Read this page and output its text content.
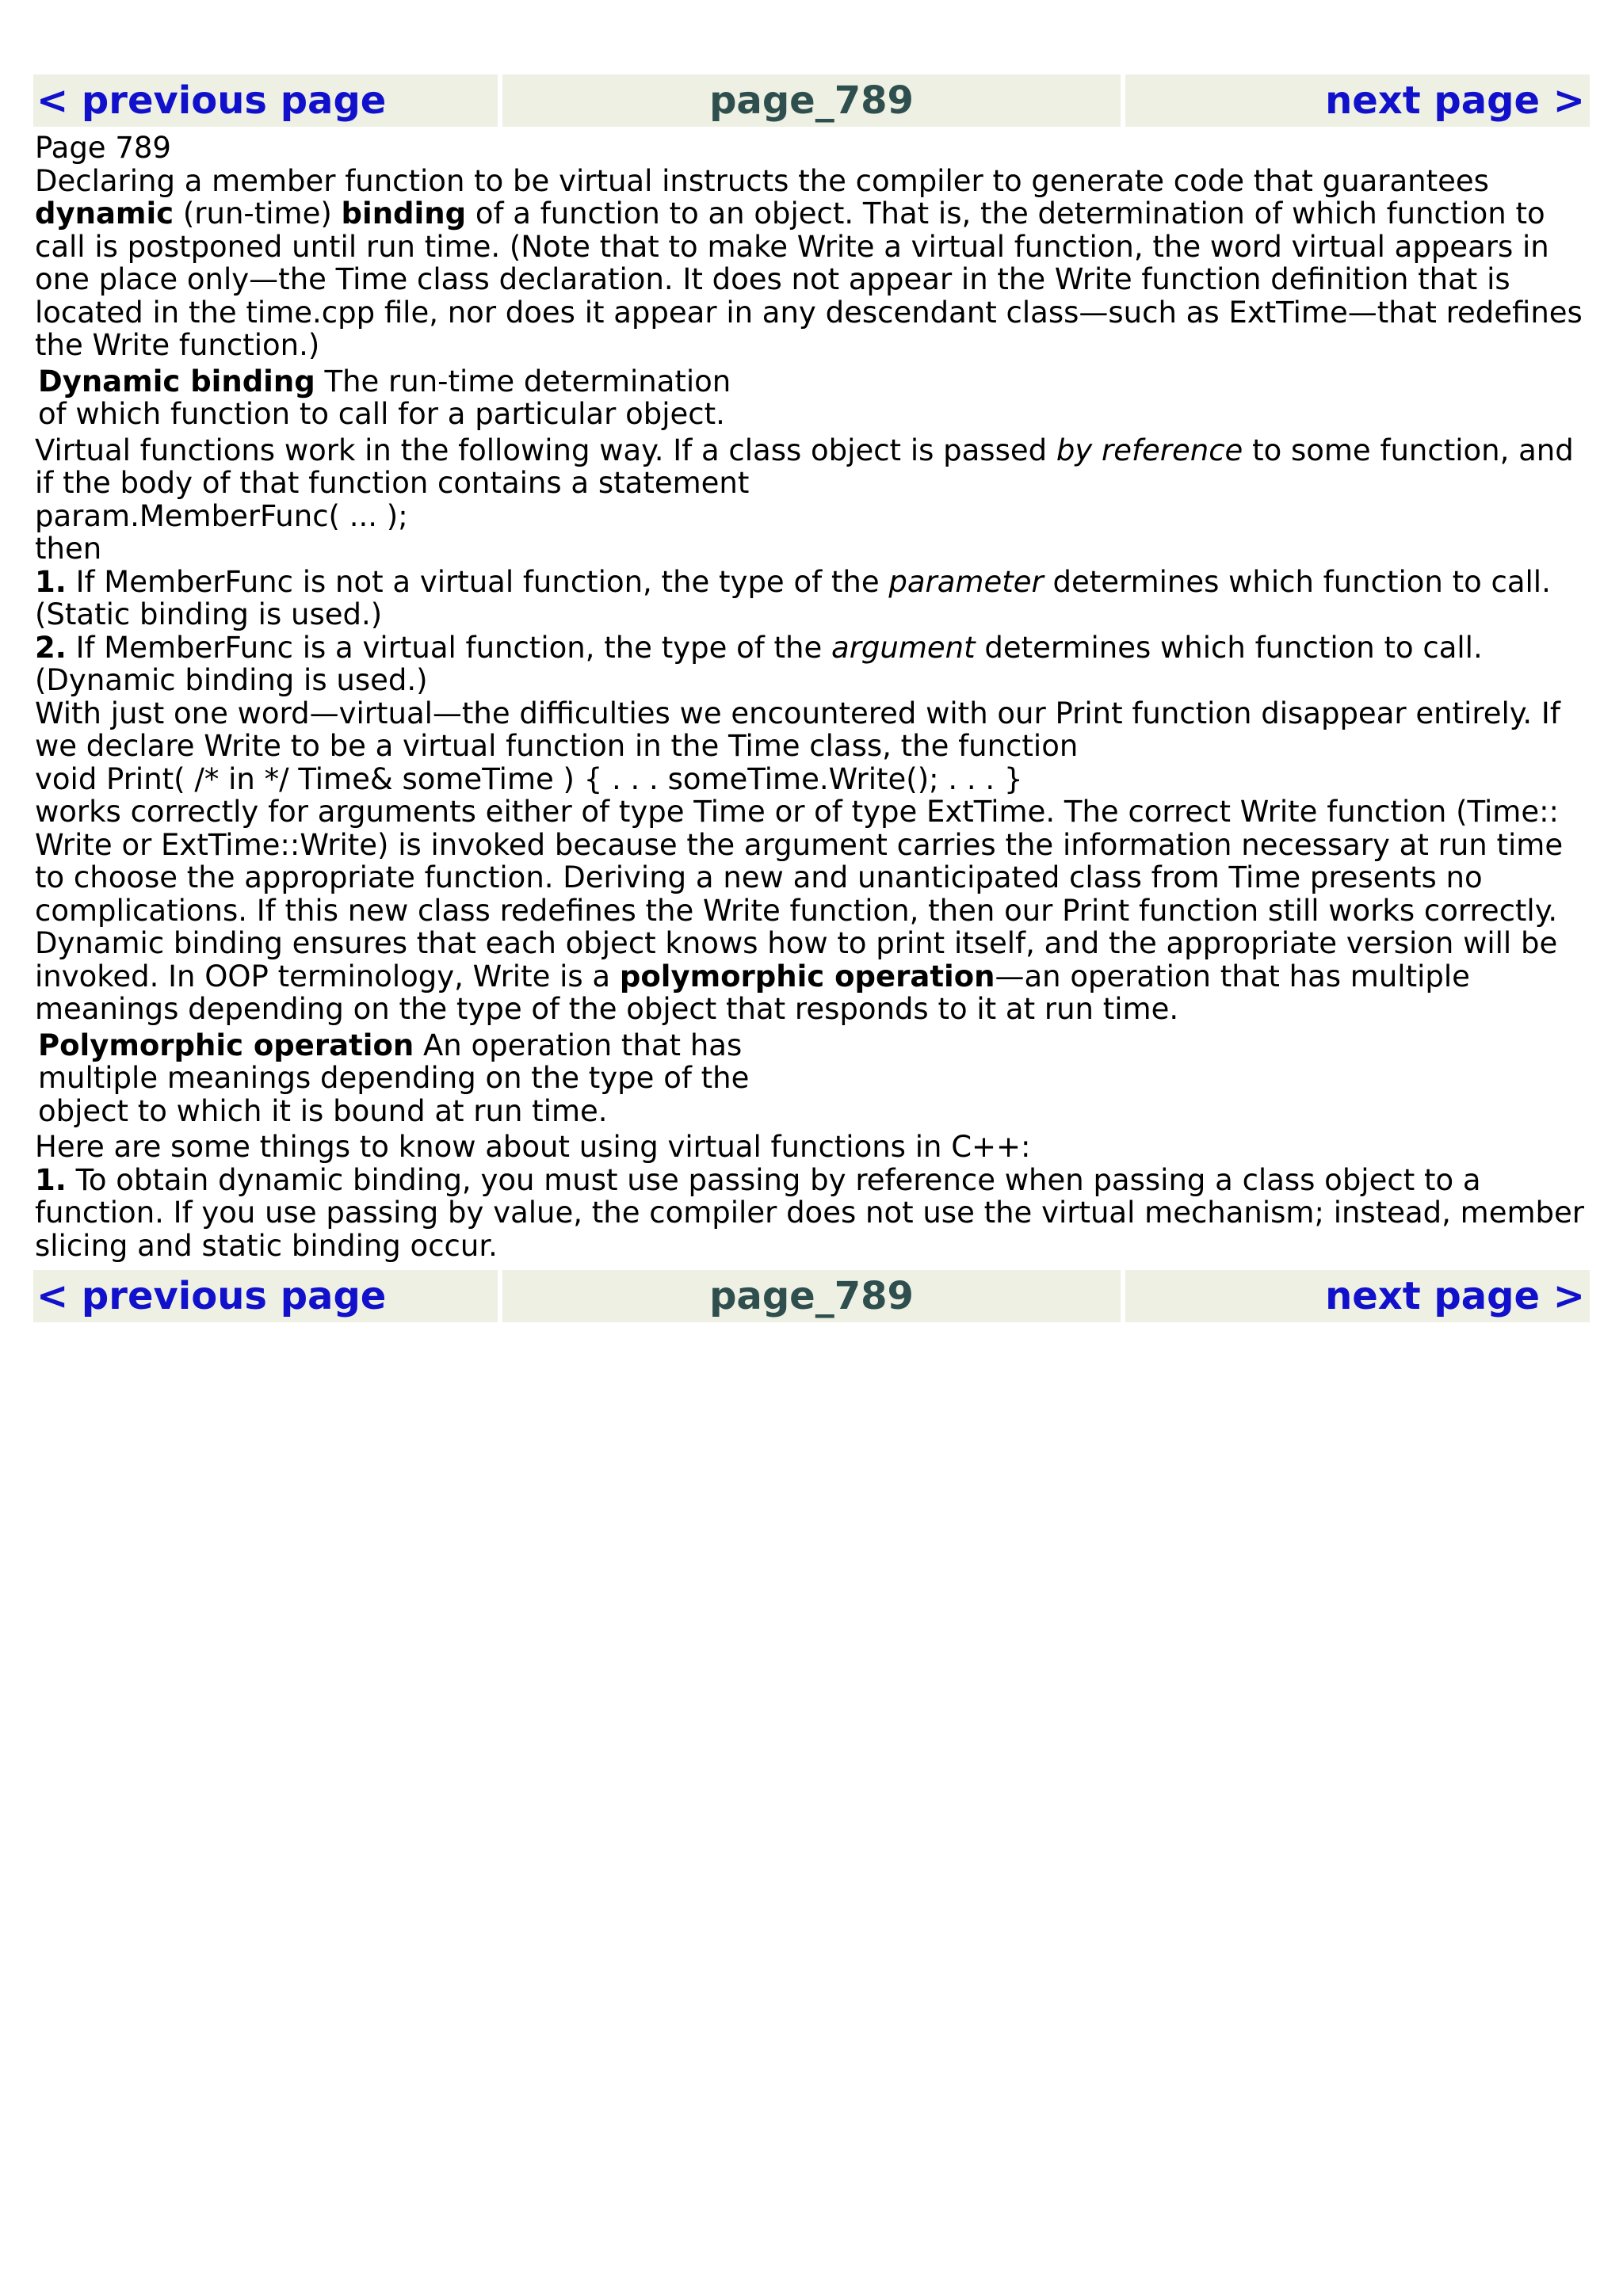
< previous page	page_789	next page >

Page 789

Declaring a member function to be virtual instructs the compiler to generate code that guarantees dynamic (run-time) binding of a function to an object. That is, the determination of which function to call is postponed until run time. (Note that to make Write a virtual function, the word virtual appears in one place only—the Time class declaration. It does not appear in the Write function definition that is located in the time.cpp file, nor does it appear in any descendant class—such as ExtTime—that redefines the Write function.)

Dynamic binding The run-time determination of which function to call for a particular object.

Virtual functions work in the following way. If a class object is passed by reference to some function, and if the body of that function contains a statement

param.MemberFunc( ... );

then

1. If MemberFunc is not a virtual function, the type of the parameter determines which function to call. (Static binding is used.)

2. If MemberFunc is a virtual function, the type of the argument determines which function to call. (Dynamic binding is used.)

With just one word—virtual—the difficulties we encountered with our Print function disappear entirely. If we declare Write to be a virtual function in the Time class, the function

void Print( /* in */ Time& someTime ) { . . . someTime.Write(); . . . }

works correctly for arguments either of type Time or of type ExtTime. The correct Write function (Time:: Write or ExtTime::Write) is invoked because the argument carries the information necessary at run time to choose the appropriate function. Deriving a new and unanticipated class from Time presents no complications. If this new class redefines the Write function, then our Print function still works correctly. Dynamic binding ensures that each object knows how to print itself, and the appropriate version will be invoked. In OOP terminology, Write is a polymorphic operation—an operation that has multiple meanings depending on the type of the object that responds to it at run time.

Polymorphic operation An operation that has multiple meanings depending on the type of the object to which it is bound at run time.

Here are some things to know about using virtual functions in C++:

1. To obtain dynamic binding, you must use passing by reference when passing a class object to a function. If you use passing by value, the compiler does not use the virtual mechanism; instead, member slicing and static binding occur.

< previous page	page_789	next page >
